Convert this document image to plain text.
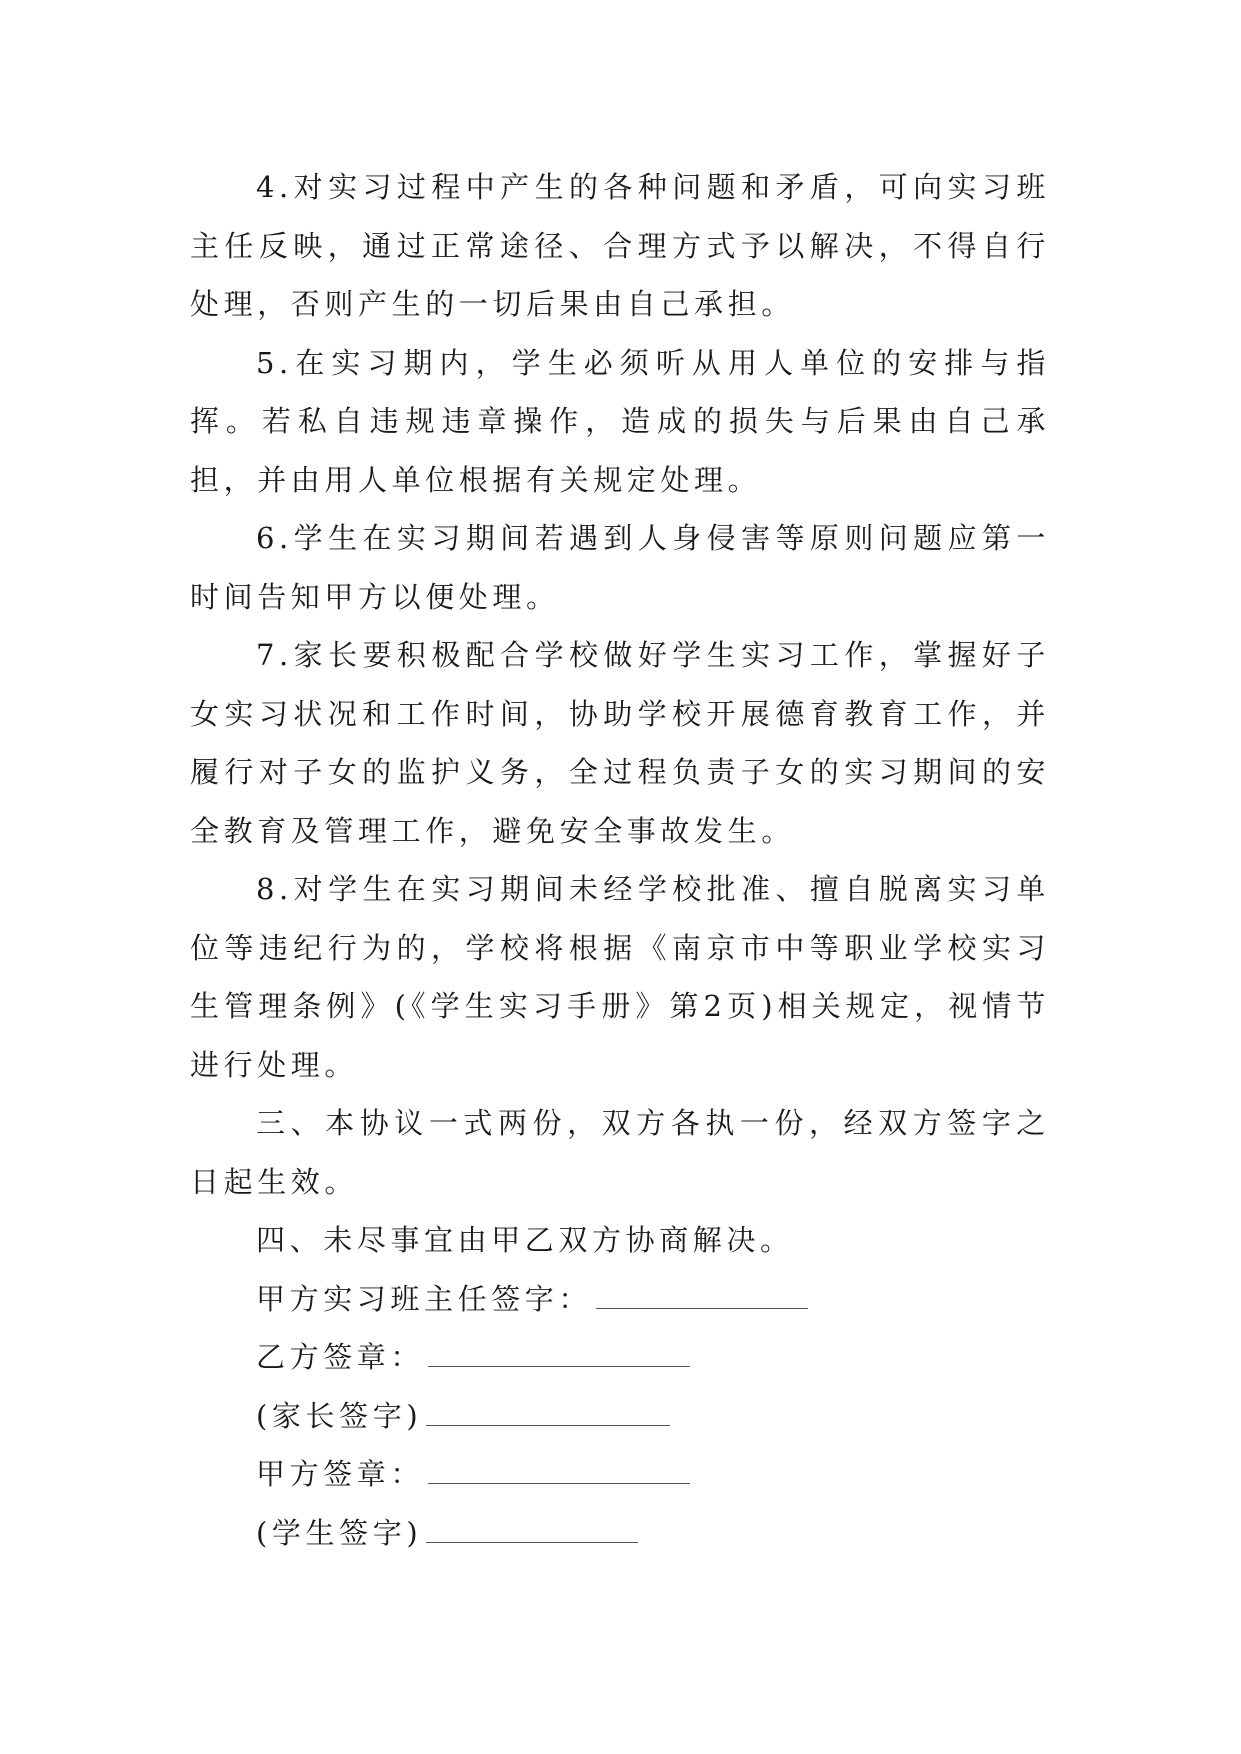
4.对实习过程中产生的各种问题和矛盾，可向实习班主任反映，通过正常途径、合理方式予以解决，不得自行处理，否则产生的一切后果由自己承担。

5.在实习期内，学生必须听从用人单位的安排与指挥。若私自违规违章操作，造成的损失与后果由自己承担，并由用人单位根据有关规定处理。

6.学生在实习期间若遇到人身侵害等原则问题应第一时间告知甲方以便处理。

7.家长要积极配合学校做好学生实习工作，掌握好子女实习状况和工作时间，协助学校开展德育教育工作，并履行对子女的监护义务，全过程负责子女的实习期间的安全教育及管理工作，避免安全事故发生。

8.对学生在实习期间未经学校批准、擅自脱离实习单位等违纪行为的，学校将根据《南京市中等职业学校实习生管理条例》(《学生实习手册》第2页)相关规定，视情节进行处理。

三、本协议一式两份，双方各执一份，经双方签字之日起生效。

四、未尽事宜由甲乙双方协商解决。

甲方实习班主任签字：
乙方签章：
(家长签字)
甲方签章：
(学生签字)
